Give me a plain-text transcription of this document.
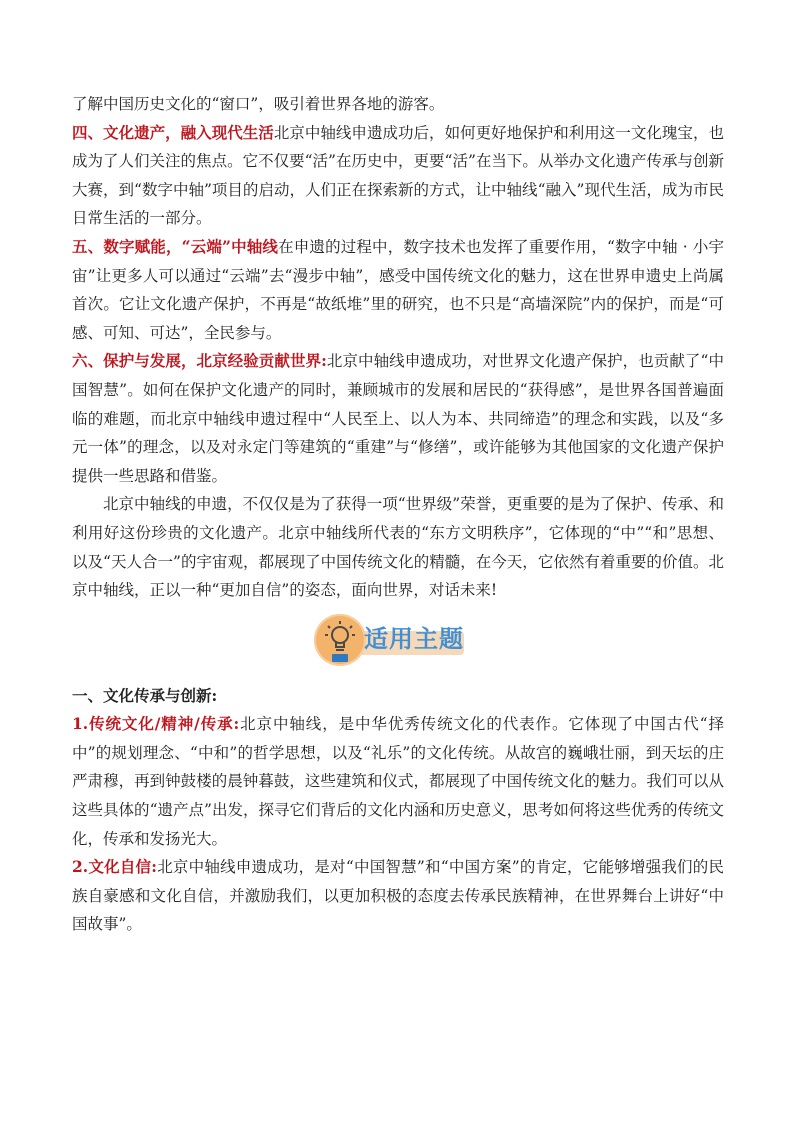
了解中国历史文化的“窗口”，吸引着世界各地的游客。

四、文化遗产，融入现代生活北京中轴线申遗成功后，如何更好地保护和利用这一文化瑰宝，也成为了人们关注的焦点。它不仅要“活”在历史中，更要“活”在当下。从举办文化遗产传承与创新大赛，到“数字中轴”项目的启动，人们正在探索新的方式，让中轴线“融入”现代生活，成为市民日常生活的一部分。

五、数字赋能，“云端”中轴线在申遗的过程中，数字技术也发挥了重要作用，“数字中轴 · 小宇宙”让更多人可以通过“云端”去“漫步中轴”，感受中国传统文化的魅力，这在世界申遗史上尚属首次。它让文化遗产保护，不再是“故纸堆”里的研究，也不只是“高墙深院”内的保护，而是“可感、可知、可达”，全民参与。

六、保护与发展，北京经验贡献世界:北京中轴线申遗成功，对世界文化遗产保护，也贡献了“中国智慧”。如何在保护文化遗产的同时，兼顾城市的发展和居民的“获得感”，是世界各国普遍面临的难题，而北京中轴线申遗过程中“人民至上、以人为本、共同缔造”的理念和实践，以及“多元一体”的理念，以及对永定门等建筑的“重建”与“修缮”，或许能够为其他国家的文化遗产保护提供一些思路和借鉴。

北京中轴线的申遗，不仅仅是为了获得一项“世界级”荣誉，更重要的是为了保护、传承、和利用好这份珍贵的文化遗产。北京中轴线所代表的“东方文明秩序”，它体现的“中”“和”思想、以及“天人合一”的宇宙观，都展现了中国传统文化的精髓，在今天，它依然有着重要的价值。北京中轴线，正以一种“更加自信”的姿态，面向世界，对话未来!

适用主题

一、文化传承与创新:

1.传统文化/精神/传承:北京中轴线，是中华优秀传统文化的代表作。它体现了中国古代“择中”的规划理念、“中和”的哲学思想，以及“礼乐”的文化传统。从故宫的巍峨壮丽，到天坛的庄严肃穆，再到钟鼓楼的晨钟暮鼓，这些建筑和仪式，都展现了中国传统文化的魅力。我们可以从这些具体的“遗产点”出发，探寻它们背后的文化内涵和历史意义，思考如何将这些优秀的传统文化，传承和发扬光大。

2.文化自信:北京中轴线申遗成功，是对“中国智慧”和“中国方案”的肯定，它能够增强我们的民族自豪感和文化自信，并激励我们，以更加积极的态度去传承民族精神，在世界舞台上讲好“中国故事”。
